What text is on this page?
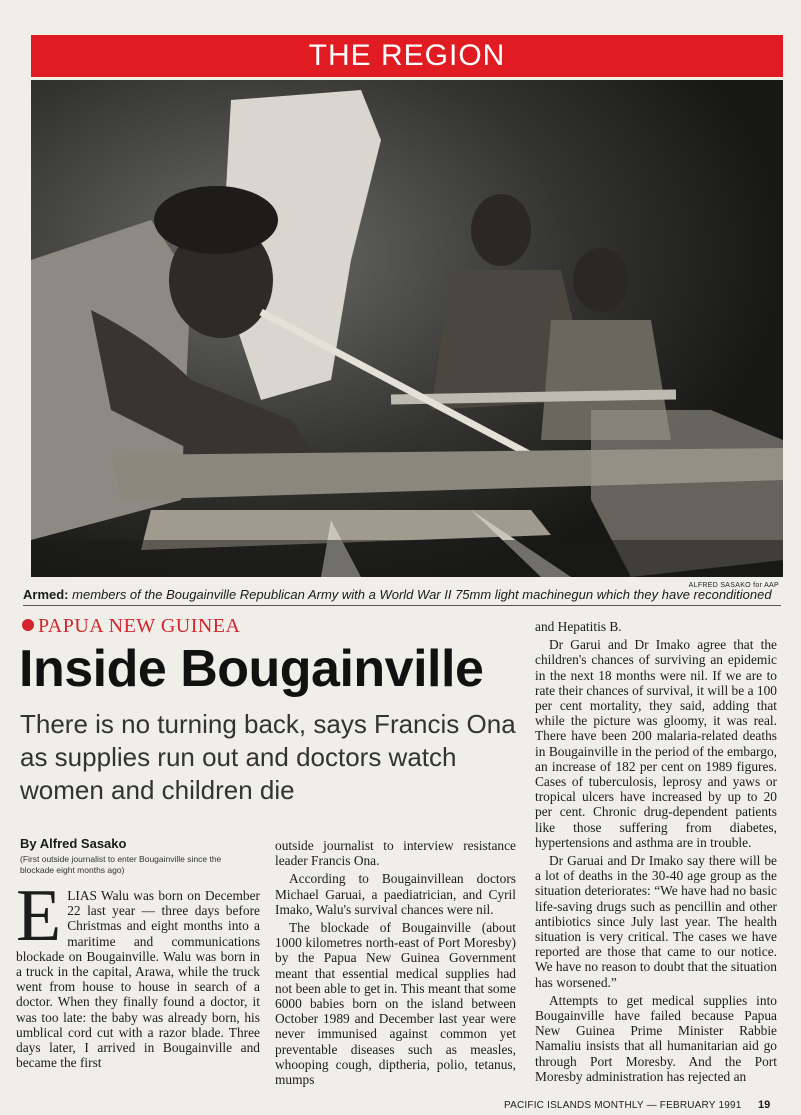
THE REGION
ALFRED SASAKO for AAP
Armed: members of the Bougainville Republican Army with a World War II 75mm light machinegun which they have reconditioned
PAPUA NEW GUINEA
Inside Bougainville
There is no turning back, says Francis Ona as supplies run out and doctors watch women and children die
By Alfred Sasako
(First outside journalist to enter Bougainville since the blockade eight months ago)
E LIAS Walu was born on December 22 last year — three days before Christmas and eight months into a maritime and communications blockade on Bougainville. Walu was born in a truck in the capital, Arawa, while the truck went from house to house in search of a doctor. When they finally found a doctor, it was too late: the baby was already born, his umblical cord cut with a razor blade. Three days later, I arrived in Bougainville and became the first

outside journalist to interview resistance leader Francis Ona.

According to Bougainvillean doctors Michael Garuai, a paediatrician, and Cyril Imako, Walu's survival chances were nil.

The blockade of Bougainville (about 1000 kilometres north-east of Port Moresby) by the Papua New Guinea Government meant that essential medical supplies had not been able to get in. This meant that some 6000 babies born on the island between October 1989 and December last year were never immunised against common yet preventable diseases such as measles, whooping cough, diptheria, polio, tetanus, mumps

and Hepatitis B.

Dr Garui and Dr Imako agree that the children's chances of surviving an epidemic in the next 18 months were nil. If we are to rate their chances of survival, it will be a 100 per cent mortality, they said, adding that while the picture was gloomy, it was real. There have been 200 malaria-related deaths in Bougainville in the period of the embargo, an increase of 182 per cent on 1989 figures. Cases of tuberculosis, leprosy and yaws or tropical ulcers have increased by up to 20 per cent. Chronic drug-dependent patients like those suffering from diabetes, hypertensions and asthma are in trouble.

Dr Garuai and Dr Imako say there will be a lot of deaths in the 30-40 age group as the situation deteriorates: “We have had no basic life-saving drugs such as pencillin and other antibiotics since July last year. The health situation is very critical. The cases we have reported are those that came to our notice. We have no reason to doubt that the situation has worsened.”

Attempts to get medical supplies into Bougainville have failed because Papua New Guinea Prime Minister Rabbie Namaliu insists that all humanitarian aid go through Port Moresby. And the Port Moresby administration has rejected an

PACIFIC ISLANDS MONTHLY — FEBRUARY 1991 19
